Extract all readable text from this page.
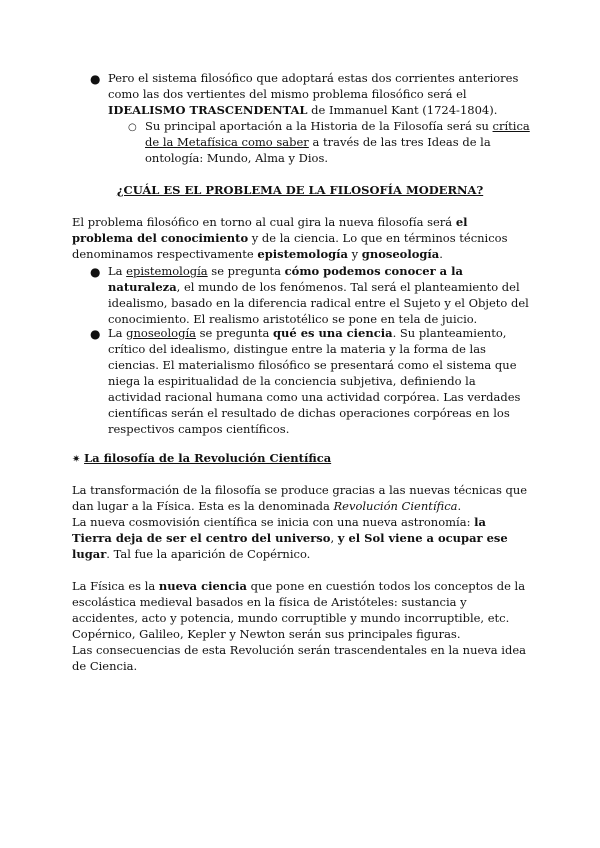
● Pero el sistema filosófico que adoptará estas dos corrientes anteriores como las dos vertientes del mismo problema filosófico será el IDEALISMO TRASCENDENTAL de Immanuel Kant (1724-1804).

○ Su principal aportación a la Historia de la Filosofía será su crítica de la Metafísica como saber a través de las tres Ideas de la ontología: Mundo, Alma y Dios.

¿CUÁL ES EL PROBLEMA DE LA FILOSOFÍA MODERNA?

El problema filosófico en torno al cual gira la nueva filosofía será el problema del conocimiento y de la ciencia. Lo que en términos técnicos denominamos respectivamente epistemología y gnoseología.

● La epistemología se pregunta cómo podemos conocer a la naturaleza, el mundo de los fenómenos. Tal será el planteamiento del idealismo, basado en la diferencia radical entre el Sujeto y el Objeto del conocimiento. El realismo aristotélico se pone en tela de juicio.

● La gnoseología se pregunta qué es una ciencia. Su planteamiento, crítico del idealismo, distingue entre la materia y la forma de las ciencias. El materialismo filosófico se presentará como el sistema que niega la espiritualidad de la conciencia subjetiva, definiendo la actividad racional humana como una actividad corpórea. Las verdades científicas serán el resultado de dichas operaciones corpóreas en los respectivos campos científicos.

✷ La filosofía de la Revolución Científica

La transformación de la filosofía se produce gracias a las nuevas técnicas que dan lugar a la Física. Esta es la denominada Revolución Científica.

La nueva cosmovisión científica se inicia con una nueva astronomía: la Tierra deja de ser el centro del universo, y el Sol viene a ocupar ese lugar. Tal fue la aparición de Copérnico.

La Física es la nueva ciencia que pone en cuestión todos los conceptos de la escolástica medieval basados en la física de Aristóteles: sustancia y accidentes, acto y potencia, mundo corruptible y mundo incorruptible, etc.

Copérnico, Galileo, Kepler y Newton serán sus principales figuras.

Las consecuencias de esta Revolución serán trascendentales en la nueva idea de Ciencia.
